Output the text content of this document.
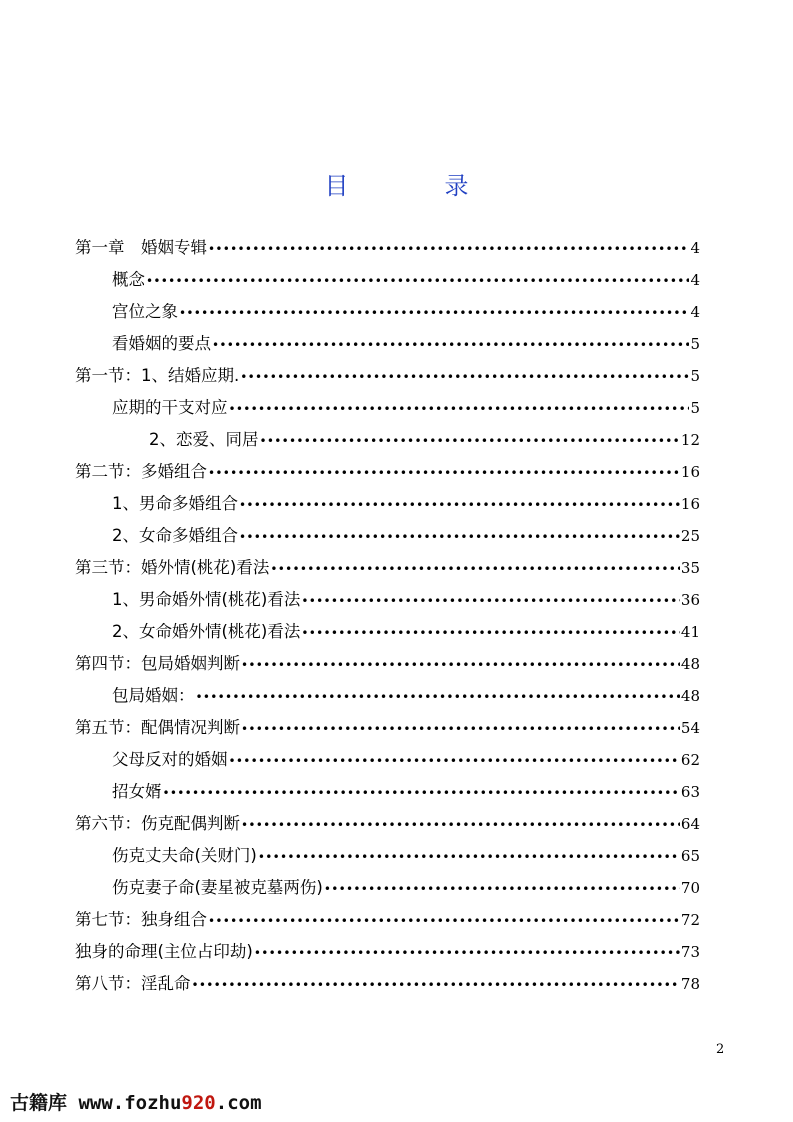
目　录
第一章　婚姻专辑 •••••	4
概念 •••••	4
宫位之象 •••••	4
看婚姻的要点 •••••	5
第一节：1、结婚应期. •••••	5
应期的干支对应 •••••	5
2、恋爱、同居 •••••	12
第二节：多婚组合 •••••	16
1、男命多婚组合 •••••	16
2、女命多婚组合 •••••	25
第三节：婚外情(桃花)看法 •••••	35
1、男命婚外情(桃花)看法 •••••	36
2、女命婚外情(桃花)看法 •••••	41
第四节：包局婚姻判断 •••••	48
包局婚姻： •••••	48
第五节：配偶情况判断 •••••	54
父母反对的婚姻 •••••	62
招女婿 •••••	63
第六节：伤克配偶判断 •••••	64
伤克丈夫命(关财门) •••••	65
伤克妻子命(妻星被克墓两伤) •••••	70
第七节：独身组合 •••••	72
独身的命理(主位占印劫) •••••	73
第八节：淫乱命 •••••	78
2
古籍库 www.fozhu920.com
